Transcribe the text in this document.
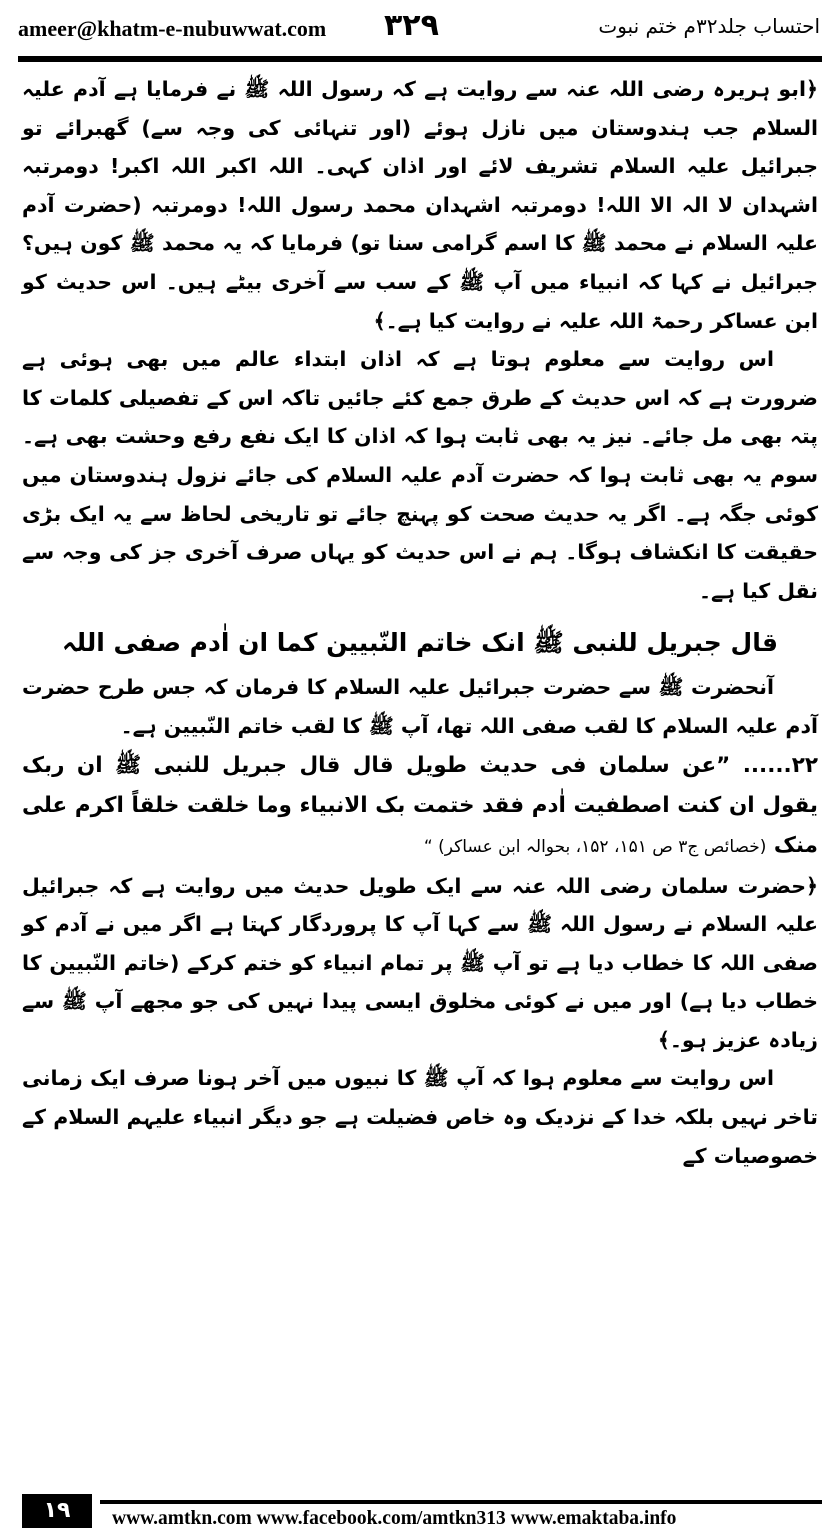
ameer@khatm-e-nubuwwat.com ۳۲۹	احتساب جلد۳۲م ختم نبوت

﴿ابو ہریرہ رضی اللہ عنہ سے روایت ہے کہ رسول اللہ ﷺ نے فرمایا ہے آدم علیہ السلام جب ہندوستان میں نازل ہوئے (اور تنہائی کی وجہ سے) گھبرائے تو جبرائیل علیہ السلام تشریف لائے اور اذان کہی۔ اللہ اکبر اللہ اکبر! دومرتبہ اشہدان لا الہ الا اللہ! دومرتبہ اشہدان محمد رسول اللہ! دومرتبہ (حضرت آدم علیہ السلام نے محمد ﷺ کا اسم گرامی سنا تو) فرمایا کہ یہ محمد ﷺ کون ہیں؟ جبرائیل نے کہا کہ انبیاء میں آپ ﷺ کے سب سے آخری بیٹے ہیں۔ اس حدیث کو ابن عساکر رحمۃ اللہ علیہ نے روایت کیا ہے۔﴾

اس روایت سے معلوم ہوتا ہے کہ اذان ابتداء عالم میں بھی ہوئی ہے ضرورت ہے کہ اس حدیث کے طرق جمع کئے جائیں تاکہ اس کے تفصیلی کلمات کا پتہ بھی مل جائے۔ نیز یہ بھی ثابت ہوا کہ اذان کا ایک نفع رفع وحشت بھی ہے۔ سوم یہ بھی ثابت ہوا کہ حضرت آدم علیہ السلام کی جائے نزول ہندوستان میں کوئی جگہ ہے۔ اگر یہ حدیث صحت کو پہنچ جائے تو تاریخی لحاظ سے یہ ایک بڑی حقیقت کا انکشاف ہوگا۔ ہم نے اس حدیث کو یہاں صرف آخری جز کی وجہ سے نقل کیا ہے۔

قال جبریل للنبی ﷺ انک خاتم النّبیین کما ان اٰدم صفی اللہ

آنحضرت ﷺ سے حضرت جبرائیل علیہ السلام کا فرمان کہ جس طرح حضرت آدم علیہ السلام کا لقب صفی اللہ تھا، آپ ﷺ کا لقب خاتم النّبیین ہے۔

۲۲...... ”عن سلمان فی حدیث طویل قال قال جبریل للنبی ﷺ ان ربک یقول ان کنت اصطفیت اٰدم فقد ختمت بک الانبیاء وما خلقت خلقاً اکرم علی منک (خصائص ج۳ ص ۱۵۱، ۱۵۲، بحوالہ ابن عساکر) “

﴿حضرت سلمان رضی اللہ عنہ سے ایک طویل حدیث میں روایت ہے کہ جبرائیل علیہ السلام نے رسول اللہ ﷺ سے کہا آپ کا پروردگار کہتا ہے اگر میں نے آدم کو صفی اللہ کا خطاب دیا ہے تو آپ ﷺ پر تمام انبیاء کو ختم کرکے (خاتم النّبیین کا خطاب دیا ہے) اور میں نے کوئی مخلوق ایسی پیدا نہیں کی جو مجھے آپ ﷺ سے زیادہ عزیز ہو۔﴾

اس روایت سے معلوم ہوا کہ آپ ﷺ کا نبیوں میں آخر ہونا صرف ایک زمانی تاخر نہیں بلکہ خدا کے نزدیک وہ خاص فضیلت ہے جو دیگر انبیاء علیہم السلام کے خصوصیات کے

۱۹	www.amtkn.com www.facebook.com/amtkn313 www.emaktaba.info
